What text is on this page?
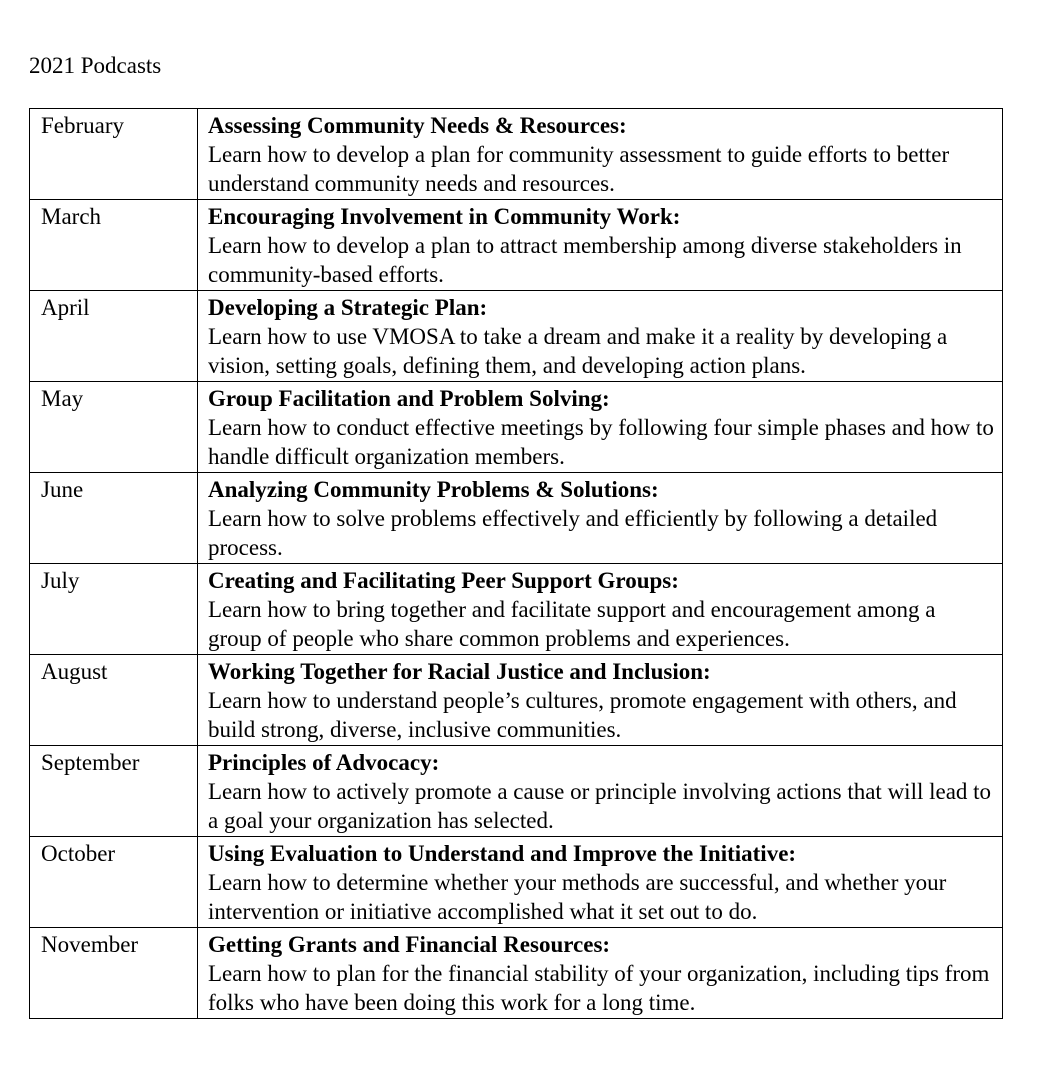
2021 Podcasts
February	Assessing Community Needs & Resources:
Learn how to develop a plan for community assessment to guide efforts to better understand community needs and resources.

March	Encouraging Involvement in Community Work:
Learn how to develop a plan to attract membership among diverse stakeholders in community-based efforts.

April	Developing a Strategic Plan:
Learn how to use VMOSA to take a dream and make it a reality by developing a vision, setting goals, defining them, and developing action plans.

May	Group Facilitation and Problem Solving:
Learn how to conduct effective meetings by following four simple phases and how to handle difficult organization members.

June	Analyzing Community Problems & Solutions:
Learn how to solve problems effectively and efficiently by following a detailed process.

July	Creating and Facilitating Peer Support Groups:
Learn how to bring together and facilitate support and encouragement among a group of people who share common problems and experiences.

August	Working Together for Racial Justice and Inclusion:
Learn how to understand people’s cultures, promote engagement with others, and build strong, diverse, inclusive communities.

September	Principles of Advocacy:
Learn how to actively promote a cause or principle involving actions that will lead to a goal your organization has selected.

October	Using Evaluation to Understand and Improve the Initiative:
Learn how to determine whether your methods are successful, and whether your intervention or initiative accomplished what it set out to do.

November	Getting Grants and Financial Resources:
Learn how to plan for the financial stability of your organization, including tips from folks who have been doing this work for a long time.
